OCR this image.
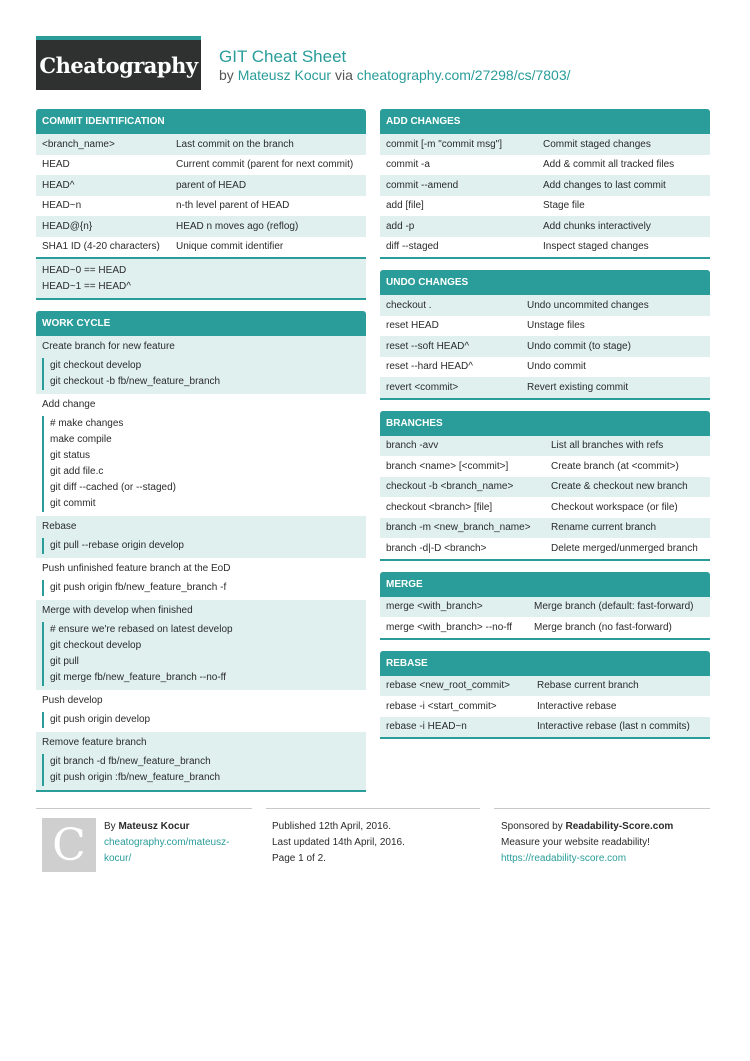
Cheatography GIT Cheat Sheet
by Mateusz Kocur via cheatography.com/27298/cs/7803/
COMMIT IDENTIFICATION
<branch_name>	Last commit on the branch
HEAD	Current commit (parent for next commit)
HEAD^	parent of HEAD
HEAD~n	n-th level parent of HEAD
HEAD@{n}	HEAD n moves ago (reflog)
SHA1 ID (4-20 characters)	Unique commit identifier
HEAD~0 == HEAD
HEAD~1 == HEAD^
WORK CYCLE
Create branch for new feature
git checkout develop
git checkout -b fb/new_feature_branch
Add change
# make changes
make compile
git status
git add file.c
git diff --cached (or --staged)
git commit
Rebase
git pull --rebase origin develop
Push unfinished feature branch at the EoD
git push origin fb/new_feature_branch -f
Merge with develop when finished
# ensure we're rebased on latest develop
git checkout develop
git pull
git merge fb/new_feature_branch --no-ff
Push develop
git push origin develop
Remove feature branch
git branch -d fb/new_feature_branch
git push origin :fb/new_feature_branch
ADD CHANGES
commit [-m "commit msg"]	Commit staged changes
commit -a	Add & commit all tracked files
commit --amend	Add changes to last commit
add [file]	Stage file
add -p	Add chunks interactively
diff --staged	Inspect staged changes
UNDO CHANGES
checkout .	Undo uncommited changes
reset HEAD	Unstage files
reset --soft HEAD^	Undo commit (to stage)
reset --hard HEAD^	Undo commit
revert <commit>	Revert existing commit
BRANCHES
branch -avv	List all branches with refs
branch <name> [<commit>]	Create branch (at <commit>)
checkout -b <branch_name>	Create & checkout new branch
checkout <branch> [file]	Checkout workspace (or file)
branch -m <new_branch_name>	Rename current branch
branch -d|-D <branch>	Delete merged/unmerged branch
MERGE
merge <with_branch>	Merge branch (default: fast-forward)
merge <with_branch> --no-ff	Merge branch (no fast-forward)
REBASE
rebase <new_root_commit>	Rebase current branch
rebase -i <start_commit>	Interactive rebase
rebase -i HEAD~n	Interactive rebase (last n commits)
C By Mateusz Kocur
cheatography.com/mateusz-
kocur/
Published 12th April, 2016.
Last updated 14th April, 2016.
Page 1 of 2.
Sponsored by Readability-Score.com
Measure your website readability!
https://readability-score.com
